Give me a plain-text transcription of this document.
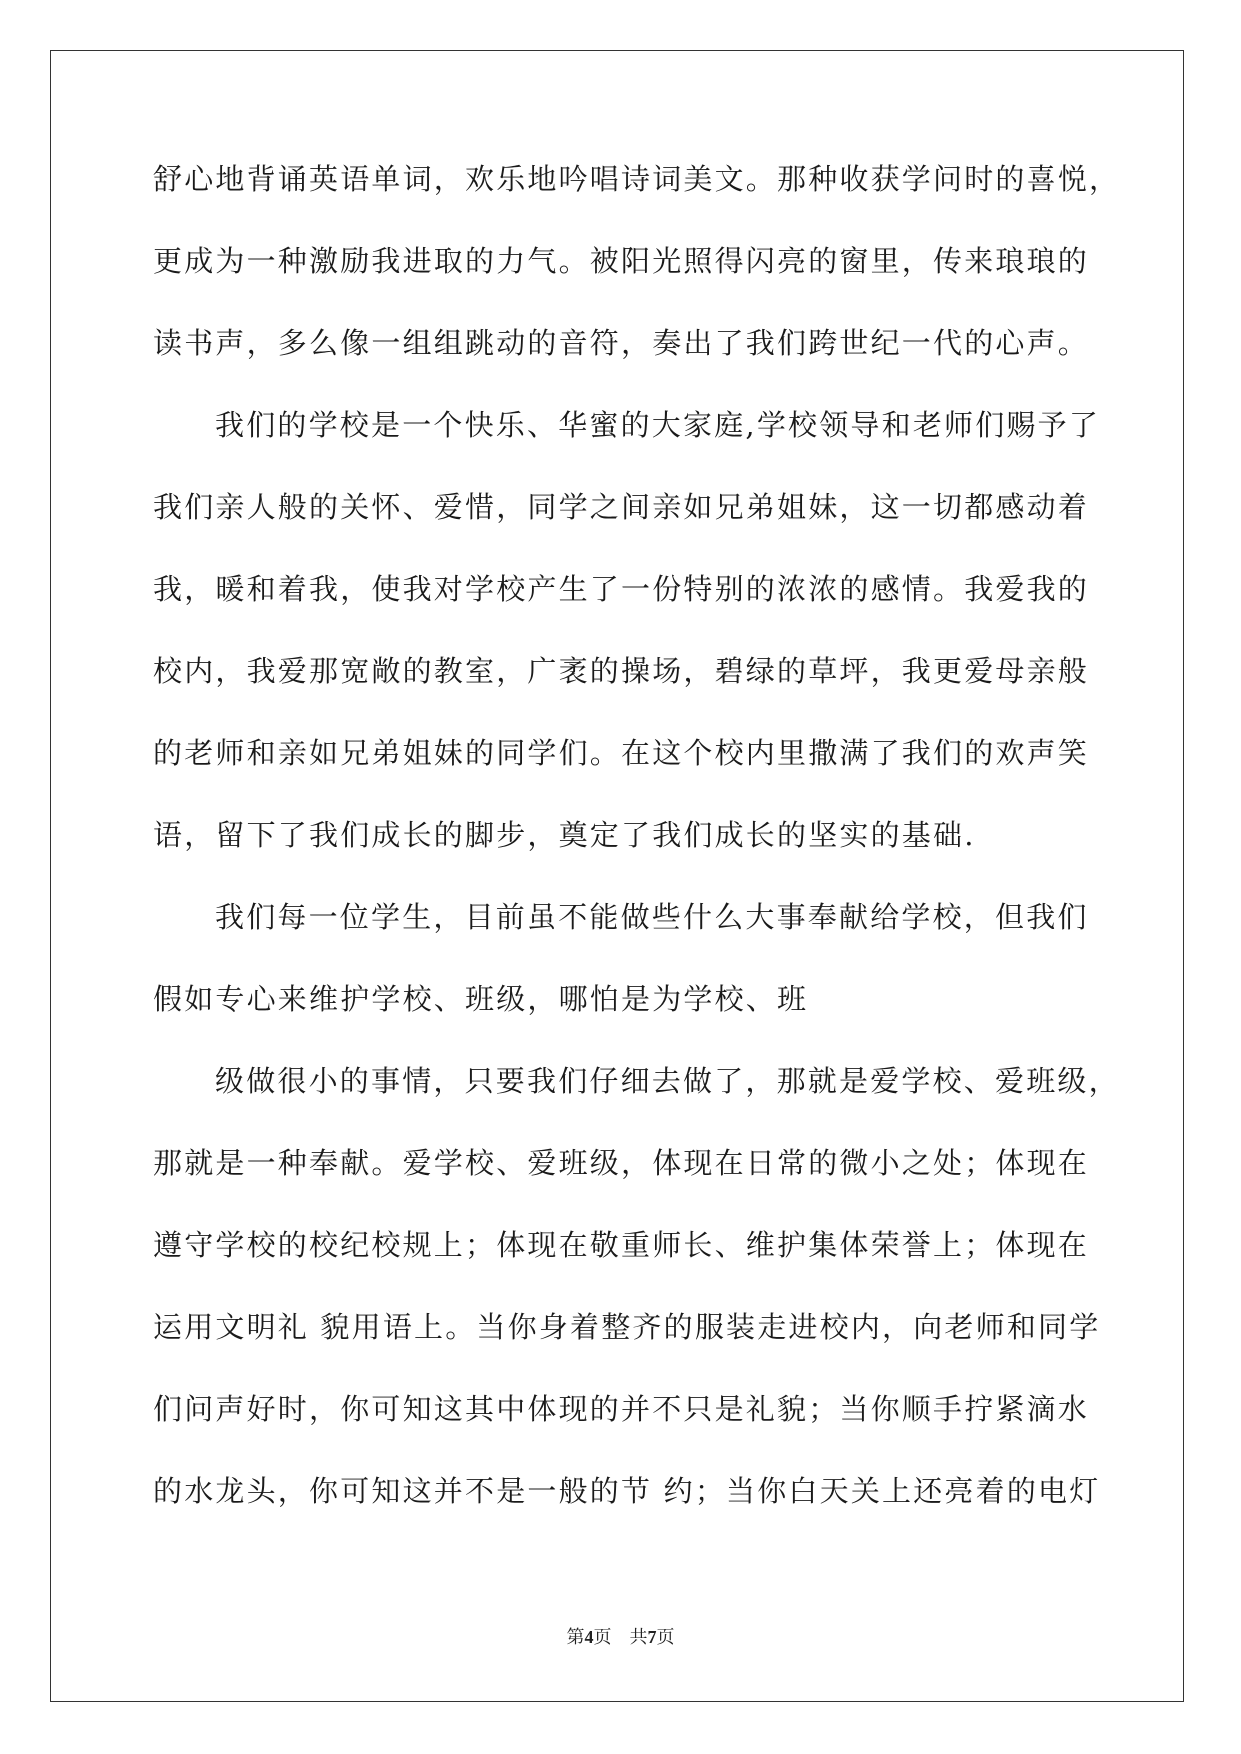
舒心地背诵英语单词，欢乐地吟唱诗词美文。那种收获学问时的喜悦，
更成为一种激励我进取的力气。被阳光照得闪亮的窗里，传来琅琅的
读书声，多么像一组组跳动的音符，奏出了我们跨世纪一代的心声。
我们的学校是一个快乐、华蜜的大家庭,学校领导和老师们赐予了
我们亲人般的关怀、爱惜，同学之间亲如兄弟姐妹，这一切都感动着
我，暖和着我，使我对学校产生了一份特别的浓浓的感情。我爱我的
校内，我爱那宽敞的教室，广袤的操场，碧绿的草坪，我更爱母亲般
的老师和亲如兄弟姐妹的同学们。在这个校内里撒满了我们的欢声笑
语，留下了我们成长的脚步，奠定了我们成长的坚实的基础.
我们每一位学生，目前虽不能做些什么大事奉献给学校，但我们
假如专心来维护学校、班级，哪怕是为学校、班
级做很小的事情，只要我们仔细去做了，那就是爱学校、爱班级，
那就是一种奉献。爱学校、爱班级，体现在日常的微小之处；体现在
遵守学校的校纪校规上；体现在敬重师长、维护集体荣誉上；体现在
运用文明礼 貌用语上。当你身着整齐的服装走进校内，向老师和同学
们问声好时，你可知这其中体现的并不只是礼貌；当你顺手拧紧滴水
的水龙头，你可知这并不是一般的节 约；当你白天关上还亮着的电灯
第4页 共7页
